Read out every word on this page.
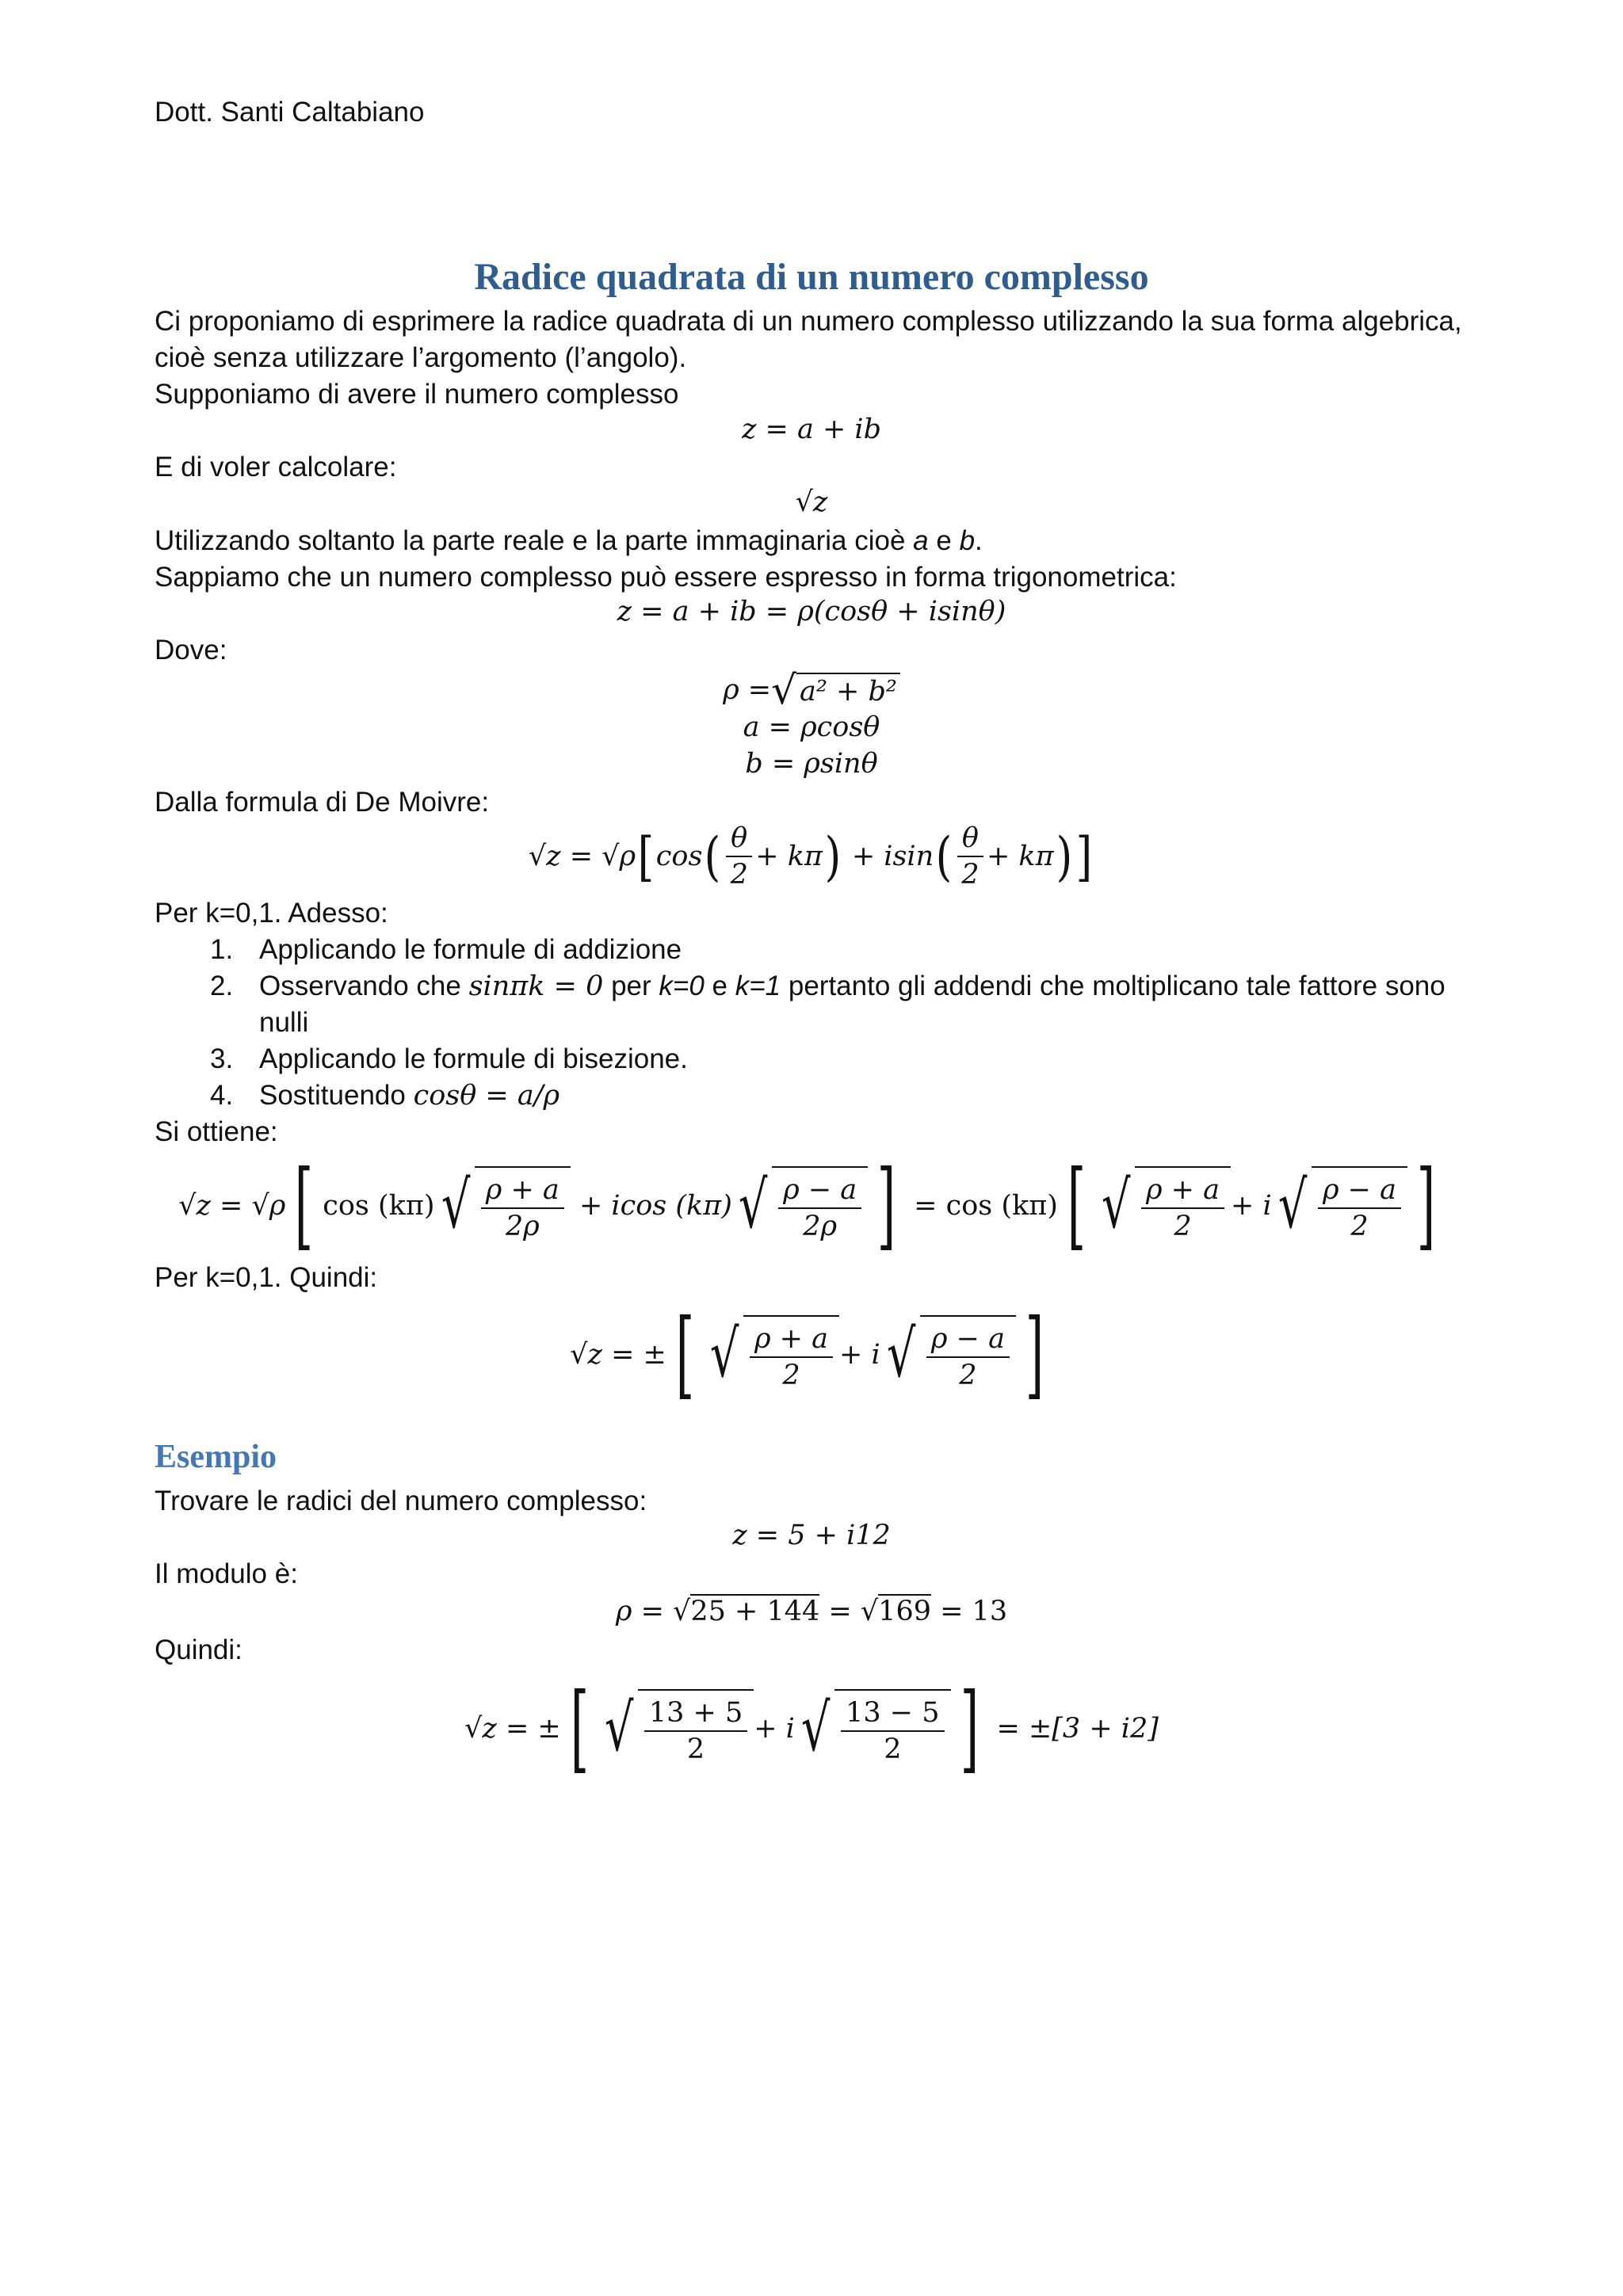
Dott. Santi Caltabiano
Radice quadrata di un numero complesso
Ci proponiamo di esprimere la radice quadrata di un numero complesso utilizzando la sua forma algebrica,
cioè senza utilizzare l’argomento (l’angolo).
Supponiamo di avere il numero complesso
z = a + ib
E di voler calcolare:
√z
Utilizzando soltanto la parte reale e la parte immaginaria cioè a e b.
Sappiamo che un numero complesso può essere espresso in forma trigonometrica:
z = a + ib = ρ(cosθ + isinθ)
Dove:
ρ = √ a² + b²
a = ρcosθ
b = ρsinθ
Dalla formula di De Moivre:
√z = √ρ [ cos ( $\frac{\theta}{2} + k\pi$ )
+ isin ( $\frac{\theta}{2} + k\pi$ ) ]
Per k=0,1. Adesso:
1. Applicando le formule di addizione
2. Osservando che sinπk = 0 per k=0 e k=1 pertanto gli addendi che moltiplicano tale fattore sono
nulli
3. Applicando le formule di bisezione.
4. Sostituendo cosθ = a/ρ
Si ottiene:
√z = √ρ [ cos (kπ) √ $\frac{\rho + a}{2\rho}$
+ icos (kπ) √ $\frac{\rho - a}{2\rho}$ ]
= cos (kπ) [ √ $\frac{\rho + a}{2} + i$ √ $\frac{\rho - a}{2}$ ]
Per k=0,1. Quindi:
√z = ± [ √ $\frac{\rho + a}{2} + i$ √ $\frac{\rho - a}{2}$ ]
Esempio
Trovare le radici del numero complesso:
z = 5 + i12
Il modulo è:
ρ = √25 + 144 = √169 = 13
Quindi:
√z = ± [ √ $\frac{13 + 5}{2} + i$ √ $\frac{13 - 5}{2}$ ]
= ±[3 + i2]
